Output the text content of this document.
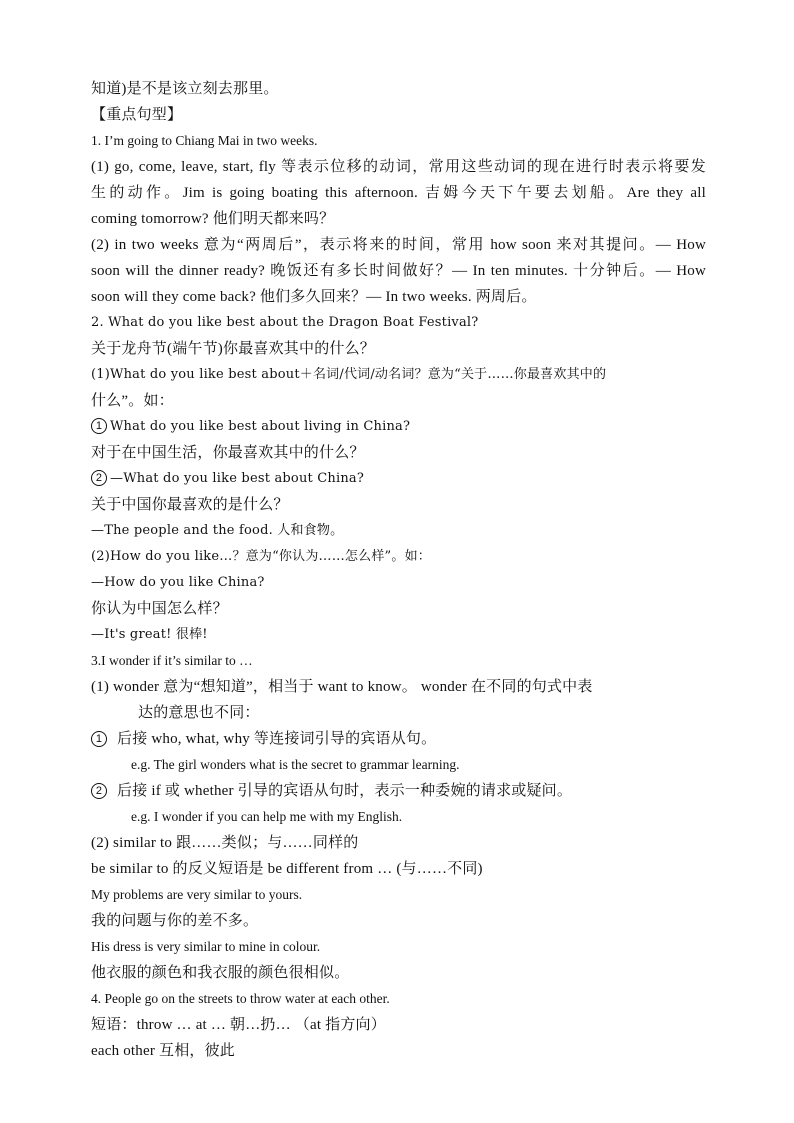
知道)是不是该立刻去那里。
【重点句型】
1. I’m going to Chiang Mai in two weeks.
(1) go, come, leave, start, fly 等表示位移的动词，常用这些动词的现在进行时表示将要发
生的动作。Jim is going boating this afternoon. 吉姆今天下午要去划船。Are they all
coming tomorrow? 他们明天都来吗？
(2) in two weeks 意为“两周后”，表示将来的时间，常用 how soon 来对其提问。— How
soon will the dinner ready? 晚饭还有多长时间做好？— In ten minutes. 十分钟后。— How
soon will they come back? 他们多久回来？— In two weeks. 两周后。
2. What do you like best about the Dragon Boat Festival?
关于龙舟节(端午节)你最喜欢其中的什么？
(1)What do you like best about＋名词/代词/动名词？意为“关于……你最喜欢其中的
什么”。如：
1 What do you like best about living in China?
对于在中国生活，你最喜欢其中的什么？
2 —What do you like best about China?
关于中国你最喜欢的是什么？
—The people and the food. 人和食物。
(2)How do you like…？意为“你认为……怎么样”。如：
—How do you like China?
你认为中国怎么样？
—It's great! 很棒!
3.I wonder if it’s similar to …
(1) wonder 意为“想知道”，相当于 want to know。 wonder 在不同的句式中表
达的意思也不同：
1 后接 who, what, why 等连接词引导的宾语从句。
e.g. The girl wonders what is the secret to grammar learning.
2 后接 if 或 whether 引导的宾语从句时，表示一种委婉的请求或疑问。
e.g. I wonder if you can help me with my English.
(2) similar to 跟……类似；与……同样的
be similar to 的反义短语是 be different from … (与……不同)
My problems are very similar to yours.
我的问题与你的差不多。
His dress is very similar to mine in colour.
他衣服的颜色和我衣服的颜色很相似。
4. People go on the streets to throw water at each other.
短语：throw … at … 朝…扔… （at 指方向）
each other 互相，彼此
